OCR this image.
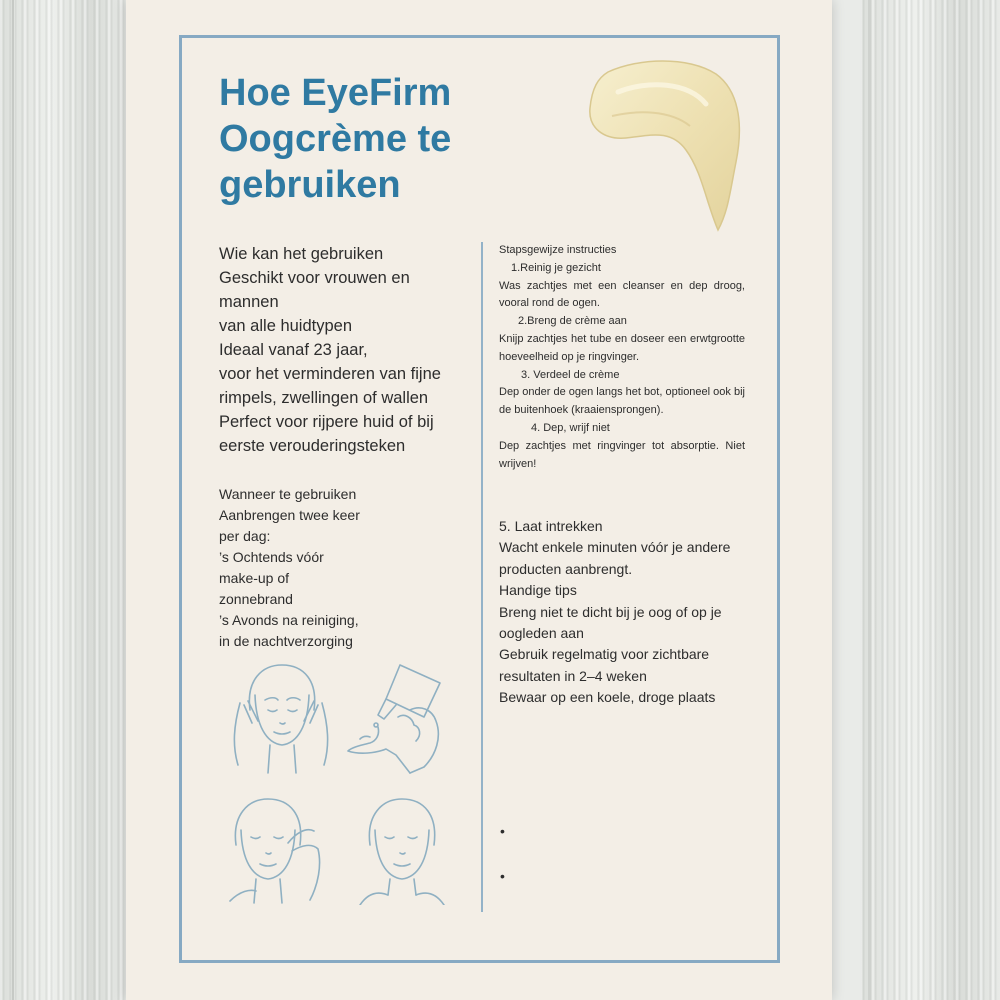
Hoe EyeFirm Oogcrème te gebruiken
Wie kan het gebruiken
Geschikt voor vrouwen en
mannen
van alle huidtypen
Ideaal vanaf 23 jaar,
voor het verminderen van fijne
rimpels, zwellingen of wallen
Perfect voor rijpere huid of bij
eerste verouderingsteken
Wanneer te gebruiken
Aanbrengen twee keer
per dag:
’s Ochtends vóór
make-up of
zonnebrand
’s Avonds na reiniging,
in de nachtverzorging
Stapsgewijze instructies
1.Reinig je gezicht
Was zachtjes met een cleanser en dep droog, vooral rond de ogen.
2.Breng de crème aan
Knijp zachtjes het tube en doseer een erwtgrootte hoeveelheid op je ringvinger.
3. Verdeel de crème
Dep onder de ogen langs het bot, optioneel ook bij de buitenhoek (kraaiensprongen).
4. Dep, wrijf niet
Dep zachtjes met ringvinger tot absorptie. Niet wrijven!
5. Laat intrekken
Wacht enkele minuten vóór je andere
producten aanbrengt.
Handige tips
Breng niet te dicht bij je oog of op je
oogleden aan
Gebruik regelmatig voor zichtbare
resultaten in 2–4 weken
Bewaar op een koele, droge plaats
•
•
